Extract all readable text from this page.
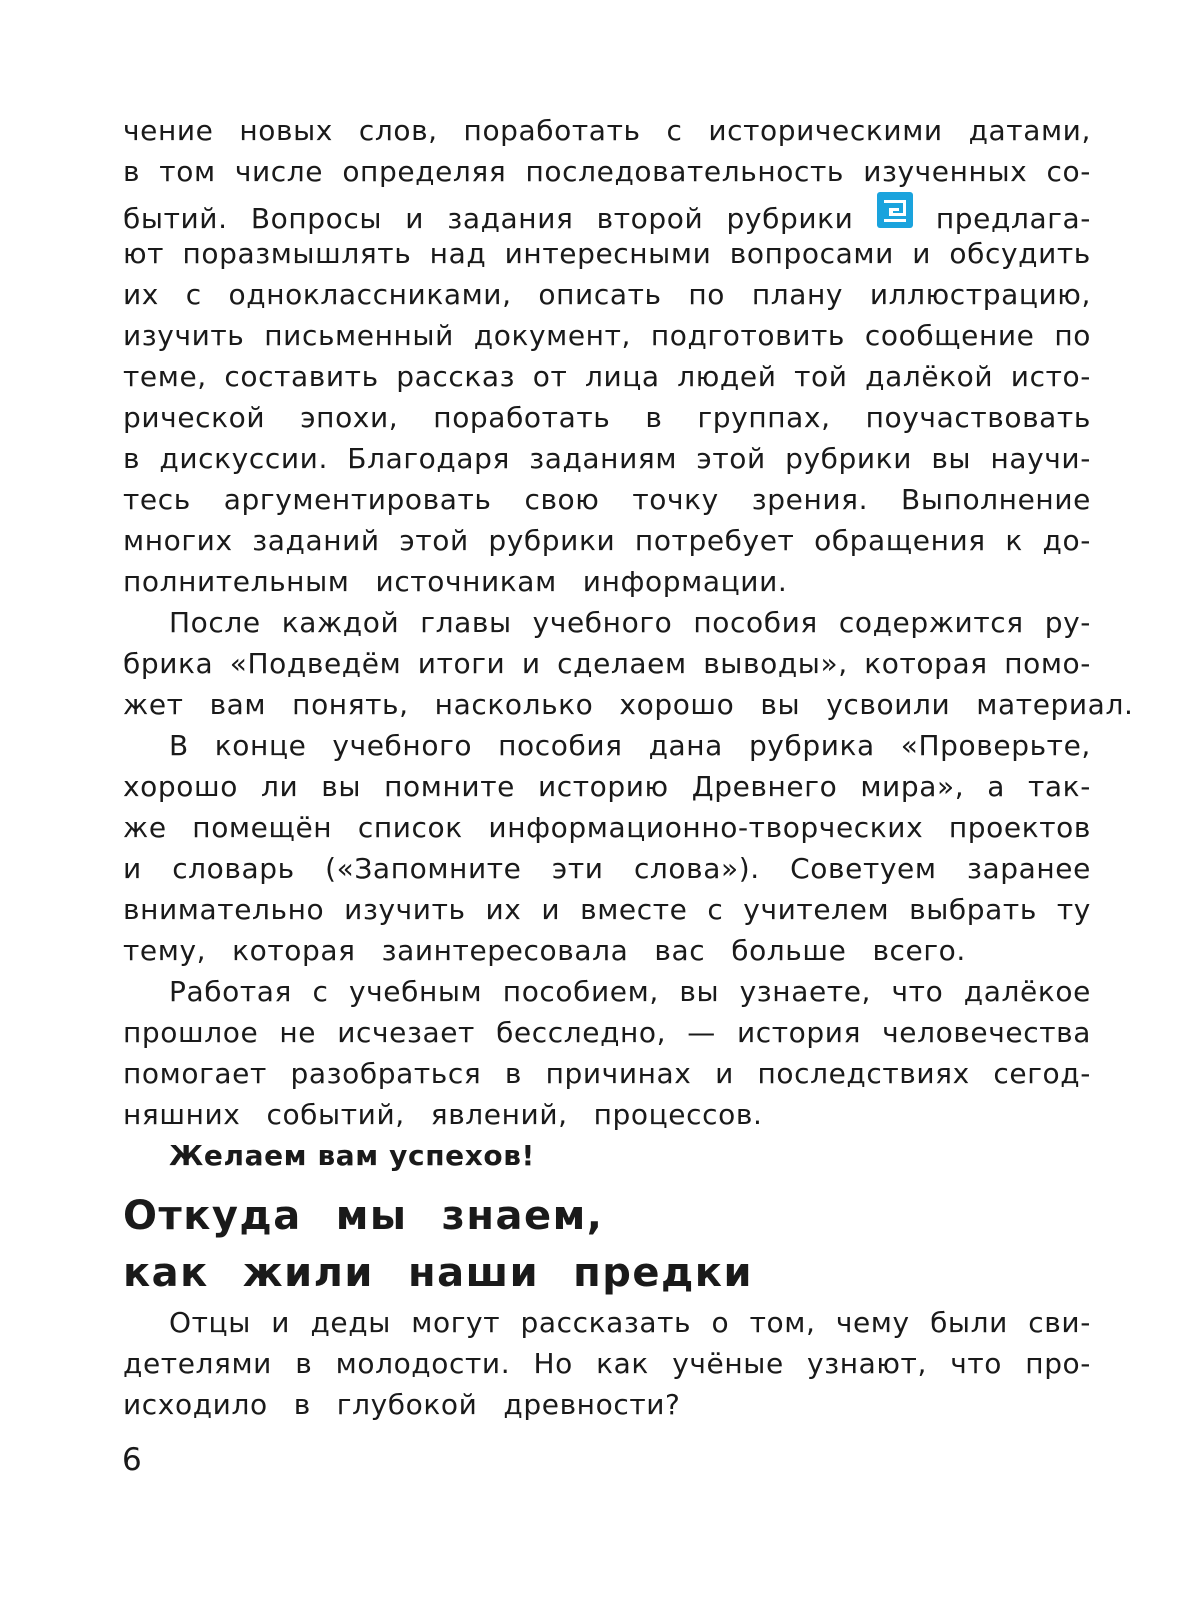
чение новых слов, поработать с историческими датами,
в том числе определяя последовательность изученных со-
бытий. Вопросы и задания второй рубрики	предлага-
ют поразмышлять над интересными вопросами и обсудить
их с одноклассниками, описать по плану иллюстрацию,
изучить письменный документ, подготовить сообщение по
теме, составить рассказ от лица людей той далёкой исто-
рической эпохи, поработать в группах, поучаствовать
в дискуссии. Благодаря заданиям этой рубрики вы научи-
тесь аргументировать свою точку зрения. Выполнение
многих заданий этой рубрики потребует обращения к до-
полнительным источникам информации.
После каждой главы учебного пособия содержится ру-
брика «Подведём итоги и сделаем выводы», которая помо-
жет вам понять, насколько хорошо вы усвоили материал.
В конце учебного пособия дана рубрика «Проверьте,
хорошо ли вы помните историю Древнего мира», а так-
же помещён список информационно-творческих проектов
и словарь («Запомните эти слова»). Советуем заранее
внимательно изучить их и вместе с учителем выбрать ту
тему, которая заинтересовала вас больше всего.
Работая с учебным пособием, вы узнаете, что далёкое
прошлое не исчезает бесследно, — история человечества
помогает разобраться в причинах и последствиях сегод-
няшних событий, явлений, процессов.
Желаем вам успехов!
Откуда мы знаем,
как жили наши предки
Отцы и деды могут рассказать о том, чему были сви-
детелями в молодости. Но как учёные узнают, что про-
исходило в глубокой древности?
6
